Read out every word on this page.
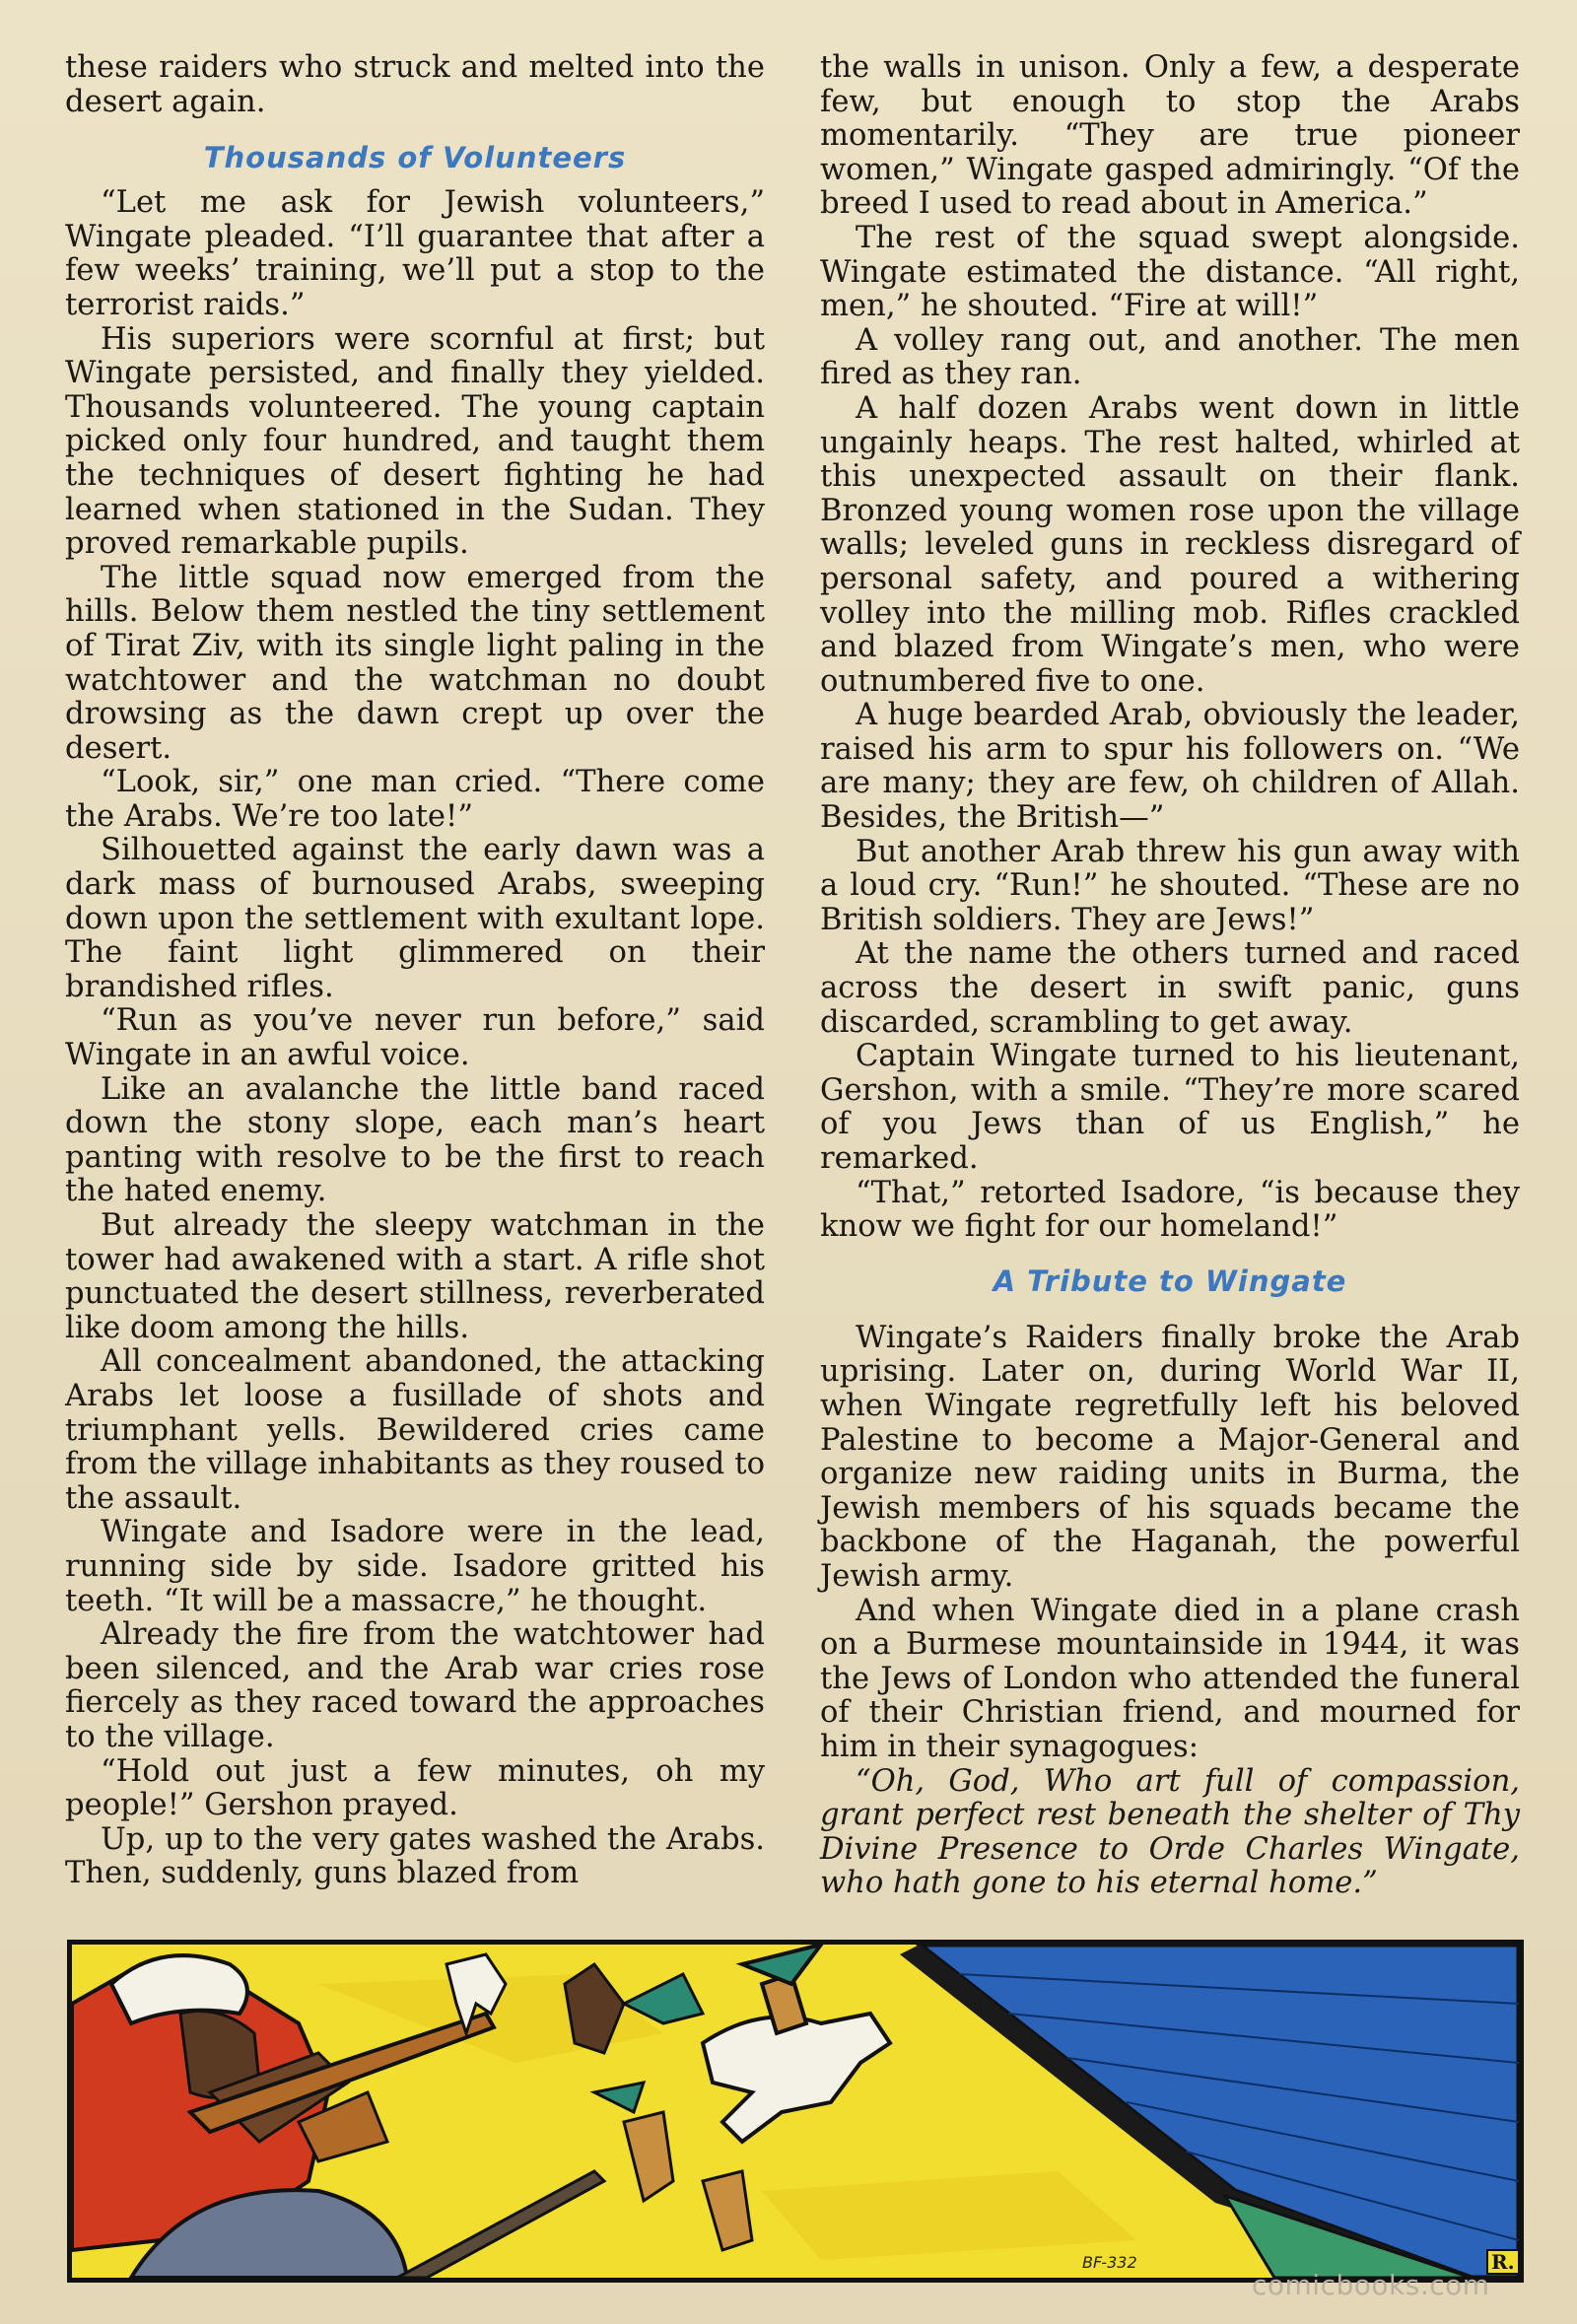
these raiders who struck and melted into the desert again.

Thousands of Volunteers

“Let me ask for Jewish volunteers,” Wingate pleaded. “I’ll guarantee that after a few weeks’ training, we’ll put a stop to the terrorist raids.”

His superiors were scornful at first; but Wingate persisted, and finally they yielded. Thousands volunteered. The young captain picked only four hundred, and taught them the techniques of desert fighting he had learned when stationed in the Sudan. They proved remarkable pupils.

The little squad now emerged from the hills. Below them nestled the tiny settlement of Tirat Ziv, with its single light paling in the watchtower and the watchman no doubt drowsing as the dawn crept up over the desert.

“Look, sir,” one man cried. “There come the Arabs. We’re too late!”

Silhouetted against the early dawn was a dark mass of burnoused Arabs, sweeping down upon the settlement with exultant lope. The faint light glimmered on their brandished rifles.

“Run as you’ve never run before,” said Wingate in an awful voice.

Like an avalanche the little band raced down the stony slope, each man’s heart panting with resolve to be the first to reach the hated enemy.

But already the sleepy watchman in the tower had awakened with a start. A rifle shot punctuated the desert stillness, reverberated like doom among the hills.

All concealment abandoned, the attacking Arabs let loose a fusillade of shots and triumphant yells. Bewildered cries came from the village inhabitants as they roused to the assault.

Wingate and Isadore were in the lead, running side by side. Isadore gritted his teeth. “It will be a massacre,” he thought.

Already the fire from the watchtower had been silenced, and the Arab war cries rose fiercely as they raced toward the approaches to the village.

“Hold out just a few minutes, oh my people!” Gershon prayed.

Up, up to the very gates washed the Arabs. Then, suddenly, guns blazed from

the walls in unison. Only a few, a desperate few, but enough to stop the Arabs momentarily. “They are true pioneer women,” Wingate gasped admiringly. “Of the breed I used to read about in America.”

The rest of the squad swept alongside. Wingate estimated the distance. “All right, men,” he shouted. “Fire at will!”

A volley rang out, and another. The men fired as they ran.

A half dozen Arabs went down in little ungainly heaps. The rest halted, whirled at this unexpected assault on their flank. Bronzed young women rose upon the village walls; leveled guns in reckless disregard of personal safety, and poured a withering volley into the milling mob. Rifles crackled and blazed from Wingate’s men, who were outnumbered five to one.

A huge bearded Arab, obviously the leader, raised his arm to spur his followers on. “We are many; they are few, oh children of Allah. Besides, the British—”

But another Arab threw his gun away with a loud cry. “Run!” he shouted. “These are no British soldiers. They are Jews!”

At the name the others turned and raced across the desert in swift panic, guns discarded, scrambling to get away.

Captain Wingate turned to his lieutenant, Gershon, with a smile. “They’re more scared of you Jews than of us English,” he remarked.

“That,” retorted Isadore, “is because they know we fight for our homeland!”

A Tribute to Wingate

Wingate’s Raiders finally broke the Arab uprising. Later on, during World War II, when Wingate regretfully left his beloved Palestine to become a Major-General and organize new raiding units in Burma, the Jewish members of his squads became the backbone of the Haganah, the powerful Jewish army.

And when Wingate died in a plane crash on a Burmese mountainside in 1944, it was the Jews of London who attended the funeral of their Christian friend, and mourned for him in their synagogues:

“Oh, God, Who art full of compassion, grant perfect rest beneath the shelter of Thy Divine Presence to Orde Charles Wingate, who hath gone to his eternal home.”

BF-332	R.
comicbooks.com
